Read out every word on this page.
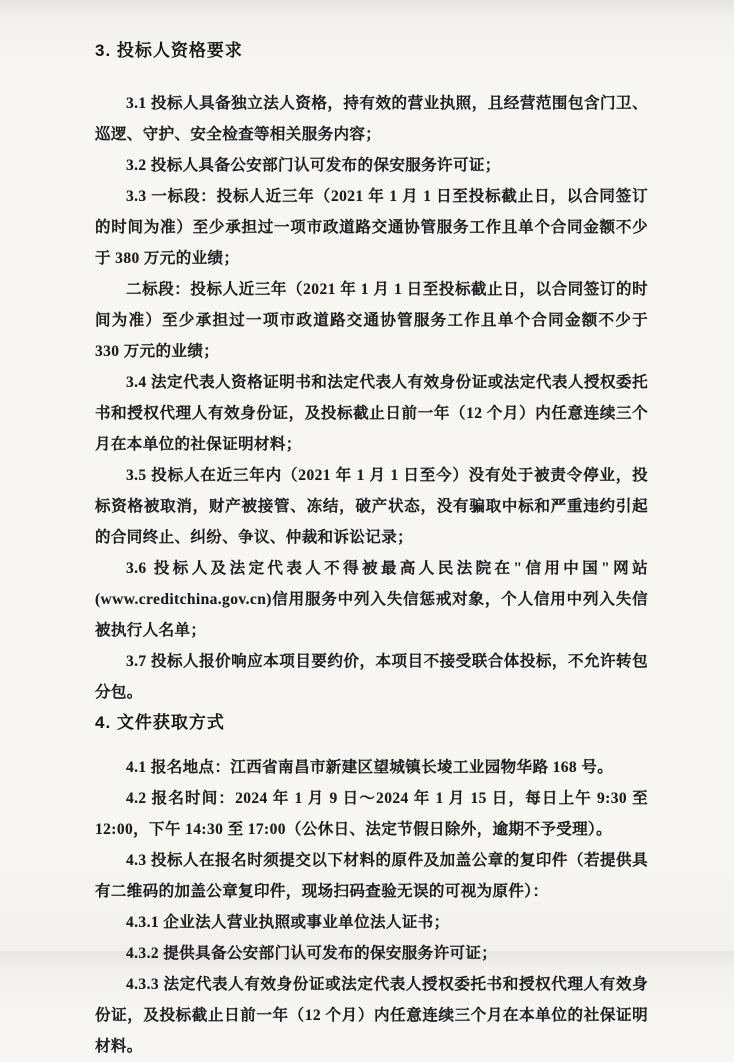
3. 投标人资格要求

3.1 投标人具备独立法人资格，持有效的营业执照，且经营范围包含门卫、巡逻、守护、安全检查等相关服务内容；

3.2 投标人具备公安部门认可发布的保安服务许可证；

3.3 一标段：投标人近三年（2021 年 1 月 1 日至投标截止日，以合同签订的时间为准）至少承担过一项市政道路交通协管服务工作且单个合同金额不少于 380 万元的业绩；

二标段：投标人近三年（2021 年 1 月 1 日至投标截止日，以合同签订的时间为准）至少承担过一项市政道路交通协管服务工作且单个合同金额不少于 330 万元的业绩；

3.4 法定代表人资格证明书和法定代表人有效身份证或法定代表人授权委托书和授权代理人有效身份证，及投标截止日前一年（12 个月）内任意连续三个月在本单位的社保证明材料；

3.5 投标人在近三年内（2021 年 1 月 1 日至今）没有处于被责令停业，投标资格被取消，财产被接管、冻结，破产状态，没有骗取中标和严重违约引起的合同终止、纠纷、争议、仲裁和诉讼记录；

3.6 投标人及法定代表人不得被最高人民法院在"信用中国"网站(www.creditchina.gov.cn)信用服务中列入失信惩戒对象，个人信用中列入失信被执行人名单；

3.7 投标人报价响应本项目要约价，本项目不接受联合体投标，不允许转包分包。

4. 文件获取方式

4.1 报名地点：江西省南昌市新建区望城镇长堎工业园物华路 168 号。

4.2 报名时间：2024 年 1 月 9 日～2024 年 1 月 15 日，每日上午 9:30 至 12:00，下午 14:30 至 17:00（公休日、法定节假日除外，逾期不予受理）。

4.3 投标人在报名时须提交以下材料的原件及加盖公章的复印件（若提供具有二维码的加盖公章复印件，现场扫码查验无误的可视为原件）：

4.3.1 企业法人营业执照或事业单位法人证书；

4.3.2 提供具备公安部门认可发布的保安服务许可证；

4.3.3 法定代表人有效身份证或法定代表人授权委托书和授权代理人有效身份证，及投标截止日前一年（12 个月）内任意连续三个月在本单位的社保证明材料。
